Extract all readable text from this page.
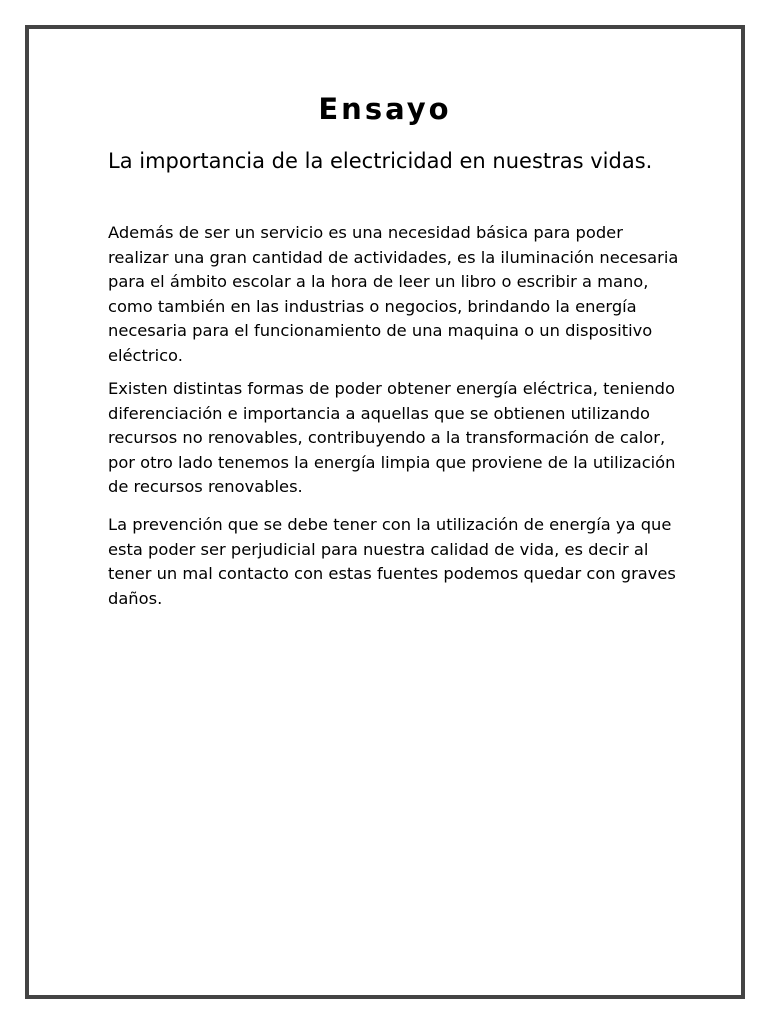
Ensayo
La importancia de la electricidad en nuestras vidas.

Además de ser un servicio es una necesidad básica para poder realizar una gran cantidad de actividades, es la iluminación necesaria para el ámbito escolar a la hora de leer un libro o escribir a mano, como también en las industrias o negocios, brindando la energía necesaria para el funcionamiento de una maquina o un dispositivo eléctrico.

Existen distintas formas de poder obtener energía eléctrica, teniendo diferenciación e importancia a aquellas que se obtienen utilizando recursos no renovables, contribuyendo a la transformación de calor, por otro lado tenemos la energía limpia que proviene de la utilización de recursos renovables.

La prevención que se debe tener con la utilización de energía ya que esta poder ser perjudicial para nuestra calidad de vida, es decir al tener un mal contacto con estas fuentes podemos quedar con graves daños.
